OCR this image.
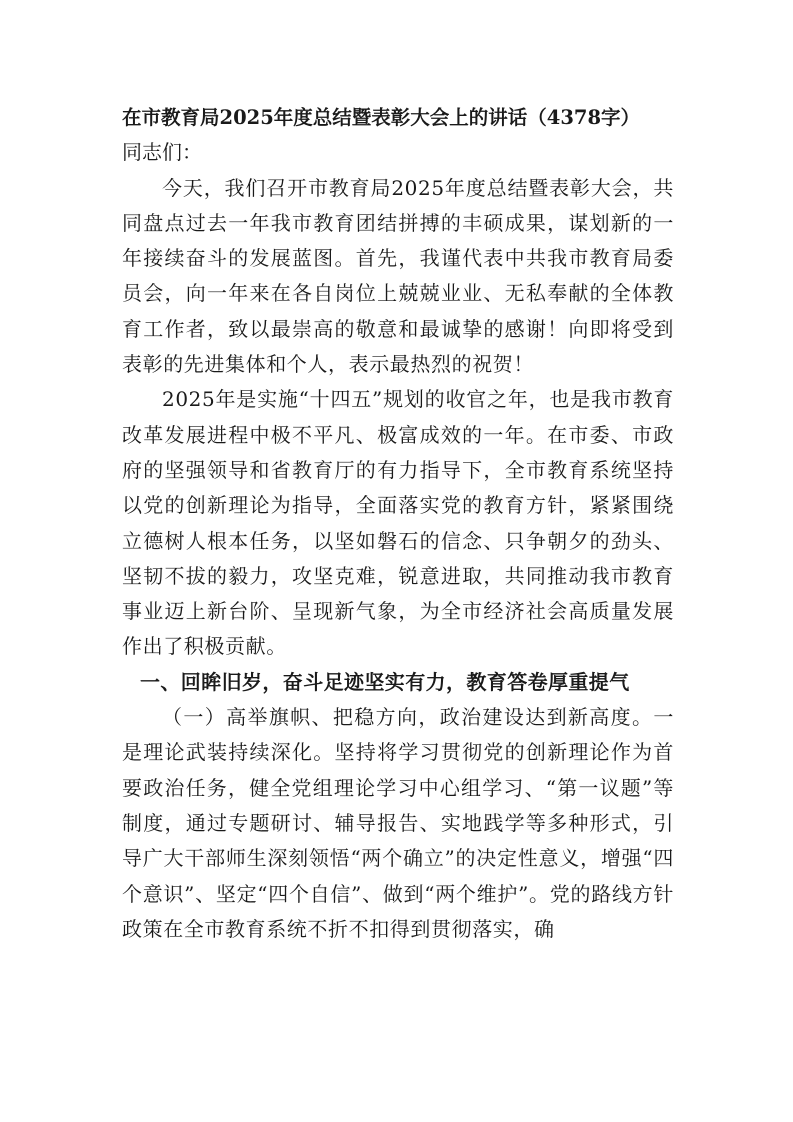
在市教育局2025年度总结暨表彰大会上的讲话（4378字）

同志们：

今天，我们召开市教育局2025年度总结暨表彰大会，共同盘点过去一年我市教育团结拼搏的丰硕成果，谋划新的一年接续奋斗的发展蓝图。首先，我谨代表中共我市教育局委员会，向一年来在各自岗位上兢兢业业、无私奉献的全体教育工作者，致以最崇高的敬意和最诚挚的感谢！向即将受到表彰的先进集体和个人，表示最热烈的祝贺！

2025年是实施“十四五”规划的收官之年，也是我市教育改革发展进程中极不平凡、极富成效的一年。在市委、市政府的坚强领导和省教育厅的有力指导下，全市教育系统坚持以党的创新理论为指导，全面落实党的教育方针，紧紧围绕立德树人根本任务，以坚如磐石的信念、只争朝夕的劲头、坚韧不拔的毅力，攻坚克难，锐意进取，共同推动我市教育事业迈上新台阶、呈现新气象，为全市经济社会高质量发展作出了积极贡献。

一、回眸旧岁，奋斗足迹坚实有力，教育答卷厚重提气

（一）高举旗帜、把稳方向，政治建设达到新高度。一是理论武装持续深化。坚持将学习贯彻党的创新理论作为首要政治任务，健全党组理论学习中心组学习、“第一议题”等制度，通过专题研讨、辅导报告、实地践学等多种形式，引导广大干部师生深刻领悟“两个确立”的决定性意义，增强“四个意识”、坚定“四个自信”、做到“两个维护”。党的路线方针政策在全市教育系统不折不扣得到贯彻落实，确
